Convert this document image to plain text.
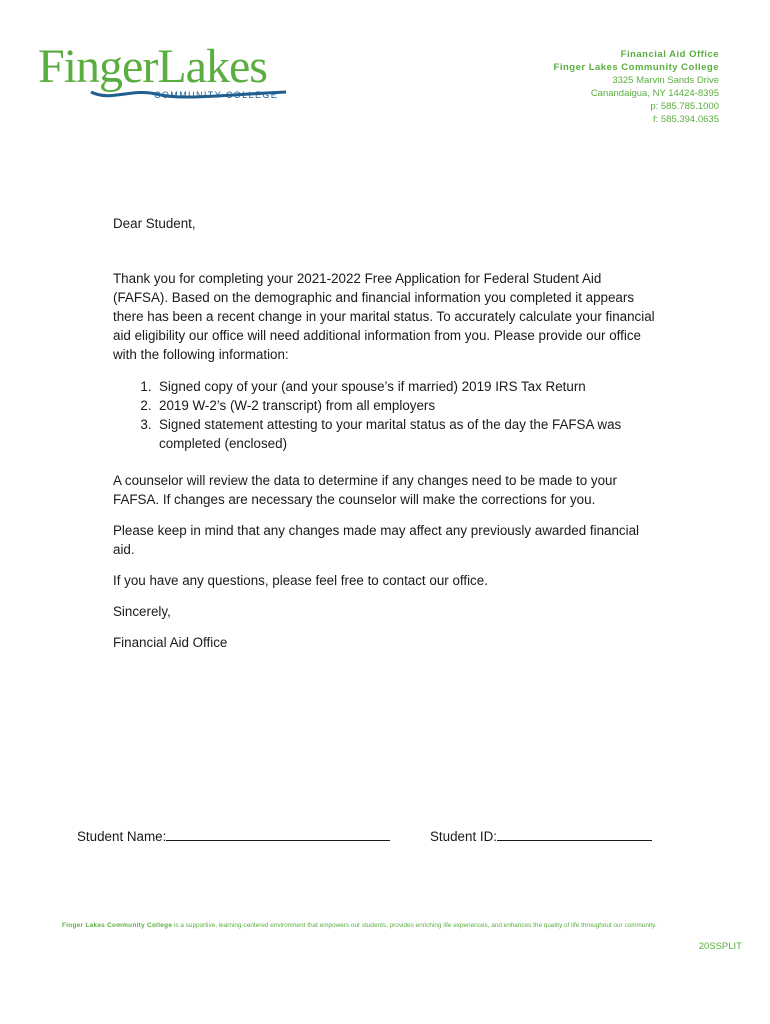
FingerLakes
COMMUNITY COLLEGE
Financial Aid Office
Finger Lakes Community College
3325 Marvin Sands Drive
Canandaigua, NY 14424-8395
p: 585.785.1000
f: 585.394.0635

Dear Student,

Thank you for completing your 2021-2022 Free Application for Federal Student Aid (FAFSA). Based on the demographic and financial information you completed it appears there has been a recent change in your marital status. To accurately calculate your financial aid eligibility our office will need additional information from you. Please provide our office with the following information:

1. Signed copy of your (and your spouse’s if married) 2019 IRS Tax Return
2. 2019 W-2’s (W-2 transcript) from all employers
3. Signed statement attesting to your marital status as of the day the FAFSA was completed (enclosed)

A counselor will review the data to determine if any changes need to be made to your FAFSA. If changes are necessary the counselor will make the corrections for you.

Please keep in mind that any changes made may affect any previously awarded financial aid.

If you have any questions, please feel free to contact our office.

Sincerely,

Financial Aid Office

Student Name:	Student ID:
Finger Lakes Community College is a supportive, learning-centered environment that empowers our students, provides enriching life experiences, and enhances the quality of life throughout our community.
20SSPLIT
